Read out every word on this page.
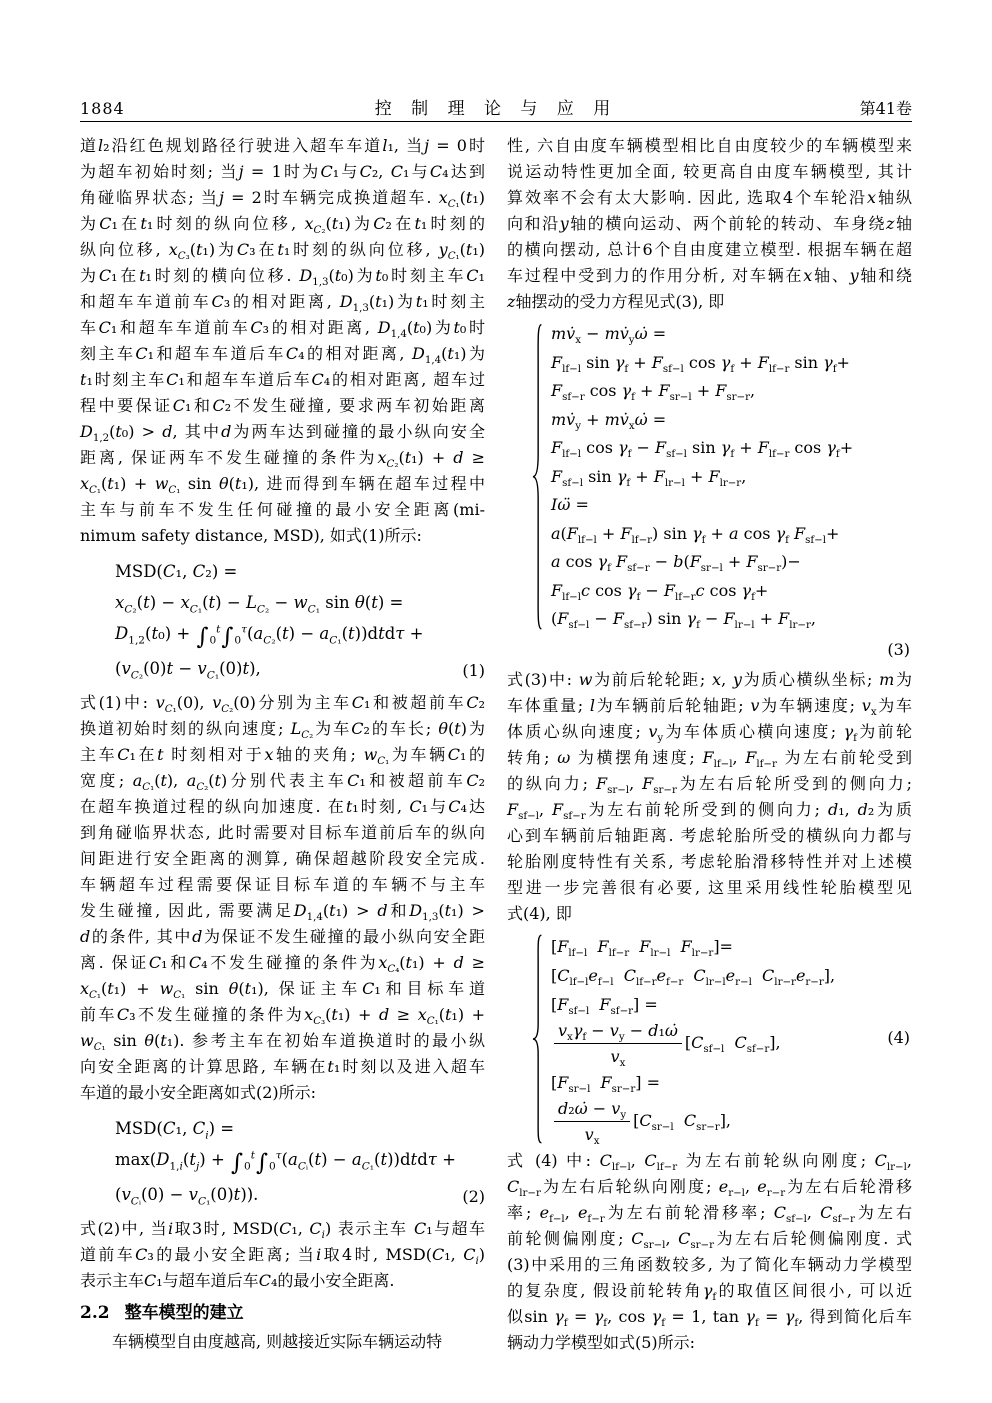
1884	控 制 理 论 与 应 用	第41卷
道l₂沿红色规划路径行驶进入超车车道l₁, 当j = 0时
为超车初始时刻; 当j = 1时为C₁与C₂, C₁与C₄达到
角碰临界状态; 当j = 2时车辆完成换道超车. $x_{C_1}(t_1)$
为C₁在t₁时刻的纵向位移, $x_{C_2}(t_1)$为C₂在t₁时刻的
纵向位移, $x_{C_3}(t_1)$为C₃在t₁时刻的纵向位移, $y_{C_1}(t_1)$
为C₁在t₁时刻的横向位移. $D_{1,3}(t_0)$为t₀时刻主车C₁
和超车车道前车C₃的相对距离, $D_{1,3}(t_1)$为t₁时刻主
车C₁和超车车道前车C₃的相对距离, $D_{1,4}(t_0)$为t₀时
刻主车C₁和超车车道后车C₄的相对距离, $D_{1,4}(t_1)$为
t₁时刻主车C₁和超车车道后车C₄的相对距离, 超车过
程中要保证C₁和C₂不发生碰撞, 要求两车初始距离
$D_{1,2}(t_0) > d$, 其中d为两车达到碰撞的最小纵向安全
距离, 保证两车不发生碰撞的条件为$x_{C_2}(t_1) + d$ ≥
$x_{C_1}(t_1) + w_{C_1}$ sin θ(t₁), 进而得到车辆在超车过程中
主车与前车不发生任何碰撞的最小安全距离(mi-
nimum safety distance, MSD), 如式(1)所示:
MSD(C₁, C₂) =
$x_{C_2}(t) - x_{C_1}(t) - L_{C_2} - w_{C_1}$ sin θ(t) =
$D_{1,2}(t_0) + \int_0^t\int_0^\tau(a_{C_2}(t) - a_{C_1}(t))dtd\tau$ +
$(v_{C_2}(0)t - v_{C_1}(0)t)$,	(1)
式(1)中: $v_{C_1}(0)$, $v_{C_2}(0)$分别为主车C₁和被超前车C₂
换道初始时刻的纵向速度; $L_{C_2}$为车C₂的车长; θ(t)为
主车C₁在t 时刻相对于x轴的夹角; $w_{C_1}$为车辆C₁的
宽度; $a_{C_1}(t)$, $a_{C_2}(t)$分别代表主车C₁和被超前车C₂
在超车换道过程的纵向加速度. 在t₁时刻, C₁与C₄达
到角碰临界状态, 此时需要对目标车道前后车的纵向
间距进行安全距离的测算, 确保超越阶段安全完成.
车辆超车过程需要保证目标车道的车辆不与主车
发生碰撞, 因此, 需要满足$D_{1,4}(t_1) > d$和$D_{1,3}(t_1)$ >
d的条件, 其中d为保证不发生碰撞的最小纵向安全距
离. 保证C₁和C₄不发生碰撞的条件为$x_{C_4}(t_1) + d$ ≥
$x_{C_1}(t_1) + w_{C_1}$ sin θ(t₁), 保证主车C₁和目标车道
前车C₃不发生碰撞的条件为$x_{C_3}(t_1) + d \ge x_{C_1}(t_1)$ +
$w_{C_1}$ sin θ(t₁). 参考主车在初始车道换道时的最小纵
向安全距离的计算思路, 车辆在t₁时刻以及进入超车
车道的最小安全距离如式(2)所示:
MSD(C₁, $C_i$) =
$\max(D_{1,i}(t_j) + \int_0^t\int_0^\tau(a_{Cᵢ}(t) - a_{C_1}(t))dtd\tau$ +
$(v_{Cᵢ}(0) - v_{C_1}(0)t)$).	(2)
式(2)中, 当i取3时, MSD(C₁, $C_i$) 表示主车 C₁与超车
道前车C₃的最小安全距离; 当i取4时, MSD(C₁, $C_i$)
表示主车C₁与超车道后车C₄的最小安全距离.
2.2 整车模型的建立
车辆模型自由度越高, 则越接近实际车辆运动特
性, 六自由度车辆模型相比自由度较少的车辆模型来
说运动特性更加全面, 较更高自由度车辆模型, 其计
算效率不会有太大影响. 因此, 选取4个车轮沿x轴纵
向和沿y轴的横向运动、两个前轮的转动、车身绕z轴
的横向摆动, 总计6个自由度建立模型. 根据车辆在超
车过程中受到力的作用分析, 对车辆在x轴、y轴和绕
z轴摆动的受力方程见式(3), 即
$mv̇_x$ − $mv̇_y\omegȧ$ =
$F_{lf-l}$ $\sin \gamma_f + F_{sf-l}$ $\cos \gamma_f + F_{lf-r}$ $\sin \gamma_f+$
$F_{sf-r}$ $\cos \gamma_f + F_{sr-l} + F_{sr-r}$,
$mv̇_y$ + $mv̇_x\omegȧ$ =
$F_{lf-l}$ $\cos \gamma_f - F_{sf-l}$ $\sin \gamma_f + F_{lf-r}$ $\cos \gamma_f+$
$F_{sf-l}$ $\sin \gamma_f + F_{lr-l} + F_{lr-r}$,
Iω̈ =
$a(F_{lf-l} + F_{lf-r})$ $\sin \gamma_f + a$ $\cos \gamma_f$ $F_{sf-l}+$
a $\cos \gamma_f$ $F_{sf-r} - b(F_{sr-l} + F_{sr-r})-$
$F_{lf-l}c$ $\cos \gamma_f - F_{lf-r}c$ $\cos \gamma_f+$
$(F_{sf-l} - F_{sf-r})$ $\sin \gamma_f - F_{lr-l} + F_{lr-r}$,
(3)
式(3)中: w为前后轮轮距; x, y为质心横纵坐标; m为
车体重量; l为车辆前后轮轴距; v为车辆速度; $v_x$为车
体质心纵向速度; $v_y$为车体质心横向速度; $\gamma_f$为前轮
转角; ω 为横摆角速度; $F_{lf-l}$, $F_{lf-r}$ 为左右前轮受到
的纵向力; $F_{sr-l}$, $F_{sr-r}$为左右后轮所受到的侧向力;
$F_{sf-l}$, $F_{sf-r}$为左右前轮所受到的侧向力; d₁, d₂为质
心到车辆前后轴距离. 考虑轮胎所受的横纵向力都与
轮胎刚度特性有关系, 考虑轮胎滑移特性并对上述模
型进一步完善很有必要, 这里采用线性轮胎模型见
式(4), 即
[$F_{lf-l}$ $F_{lf-r}$ $F_{lr-l}$ $F_{lr-r}]=$
[$C_{lf-l}e_{f-l}$ $C_{lf-r}e_{f-r}$ $C_{lr-l}e_{r-l}$ $C_{lr-r}e_{r-r}$],
[$F_{sf-l}$ $F_{sf-r}$] =
$\frac{v_x\gamma_f - v_y - d_1\omegȧ}{v_x} [C_{sf-l}$ $C_{sf-r}$],
[$F_{sr-l}$ $F_{sr-r}$] =
$\frac{d_2\omegȧ - v_y}{v_x} [C_{sr-l}$ $C_{sr-r}$],
(4)
式 (4) 中: $C_{lf-l}$, $C_{lf-r}$ 为左右前轮纵向刚度; $C_{lr-l}$,
$C_{lr-r}$为左右后轮纵向刚度; $e_{r-l}$, $e_{r-r}$为左右后轮滑移
率; $e_{f-l}$, $e_{f-r}$为左右前轮滑移率; $C_{sf-l}$, $C_{sf-r}$为左右
前轮侧偏刚度; $C_{sr-l}$, $C_{sr-r}$为左右后轮侧偏刚度. 式
(3)中采用的三角函数较多, 为了简化车辆动力学模型
的复杂度, 假设前轮转角$\gamma_f$的取值区间很小, 可以近
似$\sin \gamma_f = \gamma_f$, $\cos \gamma_f = 1$, $\tan \gamma_f = \gamma_f$, 得到简化后车
辆动力学模型如式(5)所示:
